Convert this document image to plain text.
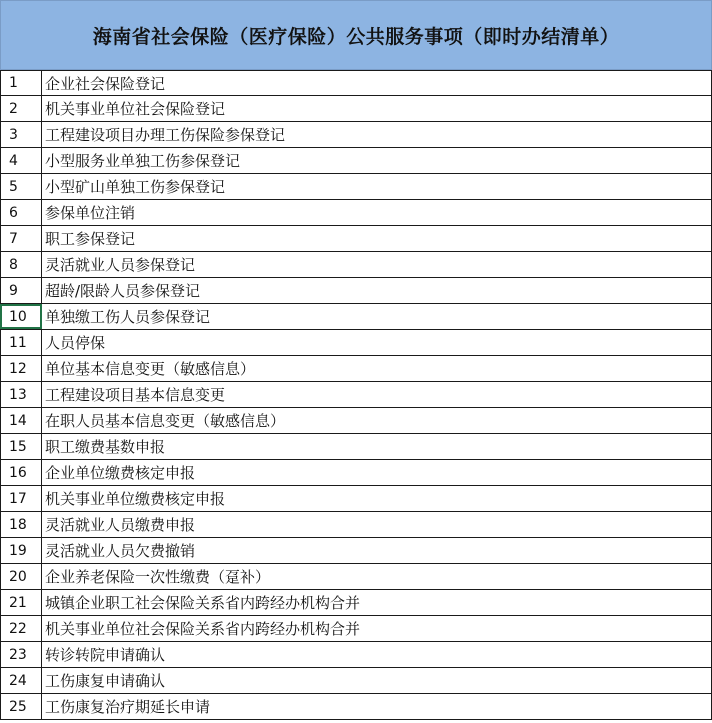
海南省社会保险（医疗保险）公共服务事项（即时办结清单）
1	企业社会保险登记
2	机关事业单位社会保险登记
3	工程建设项目办理工伤保险参保登记
4	小型服务业单独工伤参保登记
5	小型矿山单独工伤参保登记
6	参保单位注销
7	职工参保登记
8	灵活就业人员参保登记
9	超龄/限龄人员参保登记
10	单独缴工伤人员参保登记
11	人员停保
12	单位基本信息变更（敏感信息）
13	工程建设项目基本信息变更
14	在职人员基本信息变更（敏感信息）
15	职工缴费基数申报
16	企业单位缴费核定申报
17	机关事业单位缴费核定申报
18	灵活就业人员缴费申报
19	灵活就业人员欠费撤销
20	企业养老保险一次性缴费（趸补）
21	城镇企业职工社会保险关系省内跨经办机构合并
22	机关事业单位社会保险关系省内跨经办机构合并
23	转诊转院申请确认
24	工伤康复申请确认
25	工伤康复治疗期延长申请
